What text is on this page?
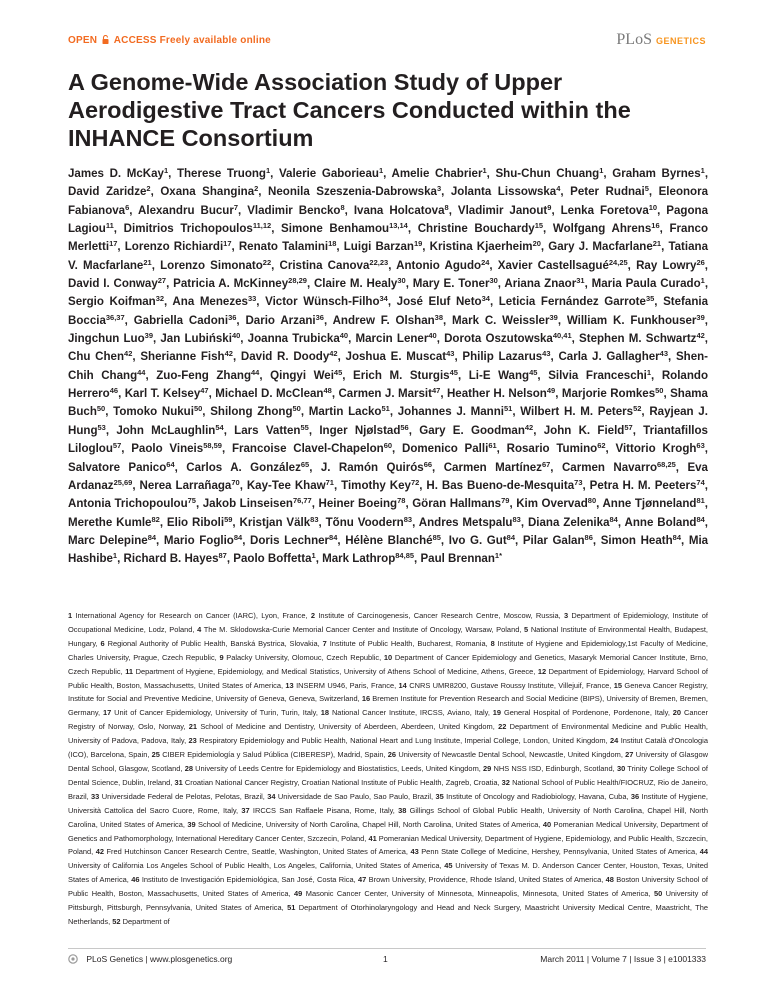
OPEN ACCESS Freely available online	PLoS GENETICS
A Genome-Wide Association Study of Upper Aerodigestive Tract Cancers Conducted within the INHANCE Consortium
James D. McKay$^1$, Therese Truong$^1$, Valerie Gaborieau$^1$, Amelie Chabrier$^1$, Shu-Chun Chuang$^1$, Graham Byrnes$^1$, David Zaridze$^2$, Oxana Shangina$^2$, Neonila Szeszenia-Dabrowska$^3$, Jolanta Lissowska$^4$, Peter Rudnai$^5$, Eleonora Fabianova$^6$, Alexandru Bucur$^7$, Vladimir Bencko$^8$, Ivana Holcatova$^8$, Vladimir Janout$^9$, Lenka Foretova$^{10}$, Pagona Lagiou$^{11}$, Dimitrios Trichopoulos$^{11,12}$, Simone Benhamou$^{13,14}$, Christine Bouchardy$^{15}$, Wolfgang Ahrens$^{16}$, Franco Merletti$^{17}$, Lorenzo Richiardi$^{17}$, Renato Talamini$^{18}$, Luigi Barzan$^{19}$, Kristina Kjaerheim$^{20}$, Gary J. Macfarlane$^{21}$, Tatiana V. Macfarlane$^{21}$, Lorenzo Simonato$^{22}$, Cristina Canova$^{22,23}$, Antonio Agudo$^{24}$, Xavier Castellsagué$^{24,25}$, Ray Lowry$^{26}$, David I. Conway$^{27}$, Patricia A. McKinney$^{28,29}$, Claire M. Healy$^{30}$, Mary E. Toner$^{30}$, Ariana Znaor$^{31}$, Maria Paula Curado$^1$, Sergio Koifman$^{32}$, Ana Menezes$^{33}$, Victor Wünsch-Filho$^{34}$, José Eluf Neto$^{34}$, Leticia Fernández Garrote$^{35}$, Stefania Boccia$^{36,37}$, Gabriella Cadoni$^{36}$, Dario Arzani$^{36}$, Andrew F. Olshan$^{38}$, Mark C. Weissler$^{39}$, William K. Funkhouser$^{39}$, Jingchun Luo$^{39}$, Jan Lubiński$^{40}$, Joanna Trubicka$^{40}$, Marcin Lener$^{40}$, Dorota Oszutowska$^{40,41}$, Stephen M. Schwartz$^{42}$, Chu Chen$^{42}$, Sherianne Fish$^{42}$, David R. Doody$^{42}$, Joshua E. Muscat$^{43}$, Philip Lazarus$^{43}$, Carla J. Gallagher$^{43}$, Shen-Chih Chang$^{44}$, Zuo-Feng Zhang$^{44}$, Qingyi Wei$^{45}$, Erich M. Sturgis$^{45}$, Li-E Wang$^{45}$, Silvia Franceschi$^1$, Rolando Herrero$^{46}$, Karl T. Kelsey$^{47}$, Michael D. McClean$^{48}$, Carmen J. Marsit$^{47}$, Heather H. Nelson$^{49}$, Marjorie Romkes$^{50}$, Shama Buch$^{50}$, Tomoko Nukui$^{50}$, Shilong Zhong$^{50}$, Martin Lacko$^{51}$, Johannes J. Manni$^{51}$, Wilbert H. M. Peters$^{52}$, Rayjean J. Hung$^{53}$, John McLaughlin$^{54}$, Lars Vatten$^{55}$, Inger Njølstad$^{56}$, Gary E. Goodman$^{42}$, John K. Field$^{57}$, Triantafillos Liloglou$^{57}$, Paolo Vineis$^{58,59}$, Francoise Clavel-Chapelon$^{60}$, Domenico Palli$^{61}$, Rosario Tumino$^{62}$, Vittorio Krogh$^{63}$, Salvatore Panico$^{64}$, Carlos A. González$^{65}$, J. Ramón Quirós$^{66}$, Carmen Martínez$^{67}$, Carmen Navarro$^{68,25}$, Eva Ardanaz$^{25,69}$, Nerea Larrañaga$^{70}$, Kay-Tee Khaw$^{71}$, Timothy Key$^{72}$, H. Bas Bueno-de-Mesquita$^{73}$, Petra H. M. Peeters$^{74}$, Antonia Trichopoulou$^{75}$, Jakob Linseisen$^{76,77}$, Heiner Boeing$^{78}$, Göran Hallmans$^{79}$, Kim Overvad$^{80}$, Anne Tjønneland$^{81}$, Merethe Kumle$^{82}$, Elio Riboli$^{59}$, Kristjan Välk$^{83}$, Tõnu Voodern$^{83}$, Andres Metspalu$^{83}$, Diana Zelenika$^{84}$, Anne Boland$^{84}$, Marc Delepine$^{84}$, Mario Foglio$^{84}$, Doris Lechner$^{84}$, Hélène Blanché$^{85}$, Ivo G. Gut$^{84}$, Pilar Galan$^{86}$, Simon Heath$^{84}$, Mia Hashibe$^1$, Richard B. Hayes$^{87}$, Paolo Boffetta$^1$, Mark Lathrop$^{84,85}$, Paul Brennan$^{1*}$
1 International Agency for Research on Cancer (IARC), Lyon, France, 2 Institute of Carcinogenesis, Cancer Research Centre, Moscow, Russia, 3 Department of Epidemiology, Institute of Occupational Medicine, Lodz, Poland, 4 The M. Sklodowska-Curie Memorial Cancer Center and Institute of Oncology, Warsaw, Poland, 5 National Institute of Environmental Health, Budapest, Hungary, 6 Regional Authority of Public Health, Banská Bystrica, Slovakia, 7 Institute of Public Health, Bucharest, Romania, 8 Institute of Hygiene and Epidemiology,1st Faculty of Medicine, Charles University, Prague, Czech Republic, 9 Palacky University, Olomouc, Czech Republic, 10 Department of Cancer Epidemiology and Genetics, Masaryk Memorial Cancer Institute, Brno, Czech Republic, 11 Department of Hygiene, Epidemiology, and Medical Statistics, University of Athens School of Medicine, Athens, Greece, 12 Department of Epidemiology, Harvard School of Public Health, Boston, Massachusetts, United States of America, 13 INSERM U946, Paris, France, 14 CNRS UMR8200, Gustave Roussy Institute, Villejuif, France, 15 Geneva Cancer Registry, Institute for Social and Preventive Medicine, University of Geneva, Geneva, Switzerland, 16 Bremen Institute for Prevention Research and Social Medicine (BIPS), University of Bremen, Bremen, Germany, 17 Unit of Cancer Epidemiology, University of Turin, Turin, Italy, 18 National Cancer Institute, IRCSS, Aviano, Italy, 19 General Hospital of Pordenone, Pordenone, Italy, 20 Cancer Registry of Norway, Oslo, Norway, 21 School of Medicine and Dentistry, University of Aberdeen, Aberdeen, United Kingdom, 22 Department of Environmental Medicine and Public Health, University of Padova, Padova, Italy, 23 Respiratory Epidemiology and Public Health, National Heart and Lung Institute, Imperial College, London, United Kingdom, 24 Institut Català d'Oncologia (ICO), Barcelona, Spain, 25 CIBER Epidemiología y Salud Pública (CIBERESP), Madrid, Spain, 26 University of Newcastle Dental School, Newcastle, United Kingdom, 27 University of Glasgow Dental School, Glasgow, Scotland, 28 University of Leeds Centre for Epidemiology and Biostatistics, Leeds, United Kingdom, 29 NHS NSS ISD, Edinburgh, Scotland, 30 Trinity College School of Dental Science, Dublin, Ireland, 31 Croatian National Cancer Registry, Croatian National Institute of Public Health, Zagreb, Croatia, 32 National School of Public Health/FIOCRUZ, Rio de Janeiro, Brazil, 33 Universidade Federal de Pelotas, Pelotas, Brazil, 34 Universidade de Sao Paulo, Sao Paulo, Brazil, 35 Institute of Oncology and Radiobiology, Havana, Cuba, 36 Institute of Hygiene, Università Cattolica del Sacro Cuore, Rome, Italy, 37 IRCCS San Raffaele Pisana, Rome, Italy, 38 Gillings School of Global Public Health, University of North Carolina, Chapel Hill, North Carolina, United States of America, 39 School of Medicine, University of North Carolina, Chapel Hill, North Carolina, United States of America, 40 Pomeranian Medical University, Department of Genetics and Pathomorphology, International Hereditary Cancer Center, Szczecin, Poland, 41 Pomeranian Medical University, Department of Hygiene, Epidemiology, and Public Health, Szczecin, Poland, 42 Fred Hutchinson Cancer Research Centre, Seattle, Washington, United States of America, 43 Penn State College of Medicine, Hershey, Pennsylvania, United States of America, 44 University of California Los Angeles School of Public Health, Los Angeles, California, United States of America, 45 University of Texas M. D. Anderson Cancer Center, Houston, Texas, United States of America, 46 Instituto de Investigación Epidemiológica, San José, Costa Rica, 47 Brown University, Providence, Rhode Island, United States of America, 48 Boston University School of Public Health, Boston, Massachusetts, United States of America, 49 Masonic Cancer Center, University of Minnesota, Minneapolis, Minnesota, United States of America, 50 University of Pittsburgh, Pittsburgh, Pennsylvania, United States of America, 51 Department of Otorhinolaryngology and Head and Neck Surgery, Maastricht University Medical Centre, Maastricht, The Netherlands, 52 Department of
PLoS Genetics | www.plosgenetics.org	1	March 2011 | Volume 7 | Issue 3 | e1001333
